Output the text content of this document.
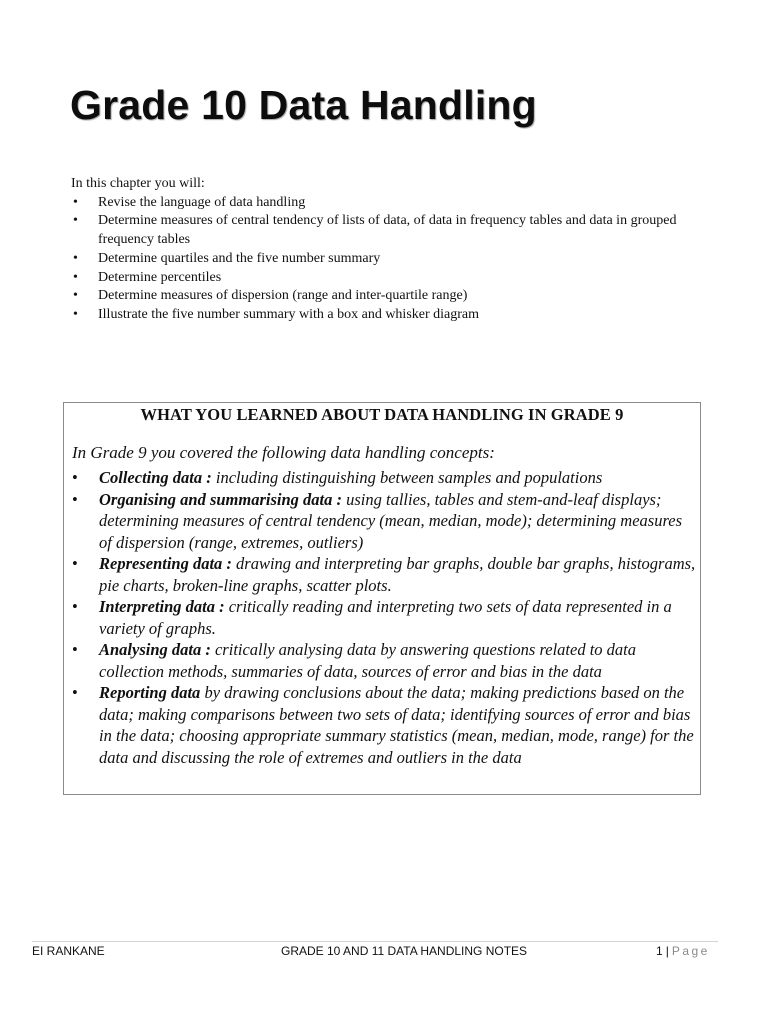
Grade 10 Data Handling
In this chapter you will:
• Revise the language of data handling
• Determine measures of central tendency of lists of data, of data in frequency tables and data in grouped frequency tables
• Determine quartiles and the five number summary
• Determine percentiles
• Determine measures of dispersion (range and inter-quartile range)
• Illustrate the five number summary with a box and whisker diagram
WHAT YOU LEARNED ABOUT DATA HANDLING IN GRADE 9
In Grade 9 you covered the following data handling concepts:
• Collecting data : including distinguishing between samples and populations
• Organising and summarising data : using tallies, tables and stem-and-leaf displays; determining measures of central tendency (mean, median, mode); determining measures of dispersion (range, extremes, outliers)
• Representing data : drawing and interpreting bar graphs, double bar graphs, histograms, pie charts, broken-line graphs, scatter plots.
• Interpreting data : critically reading and interpreting two sets of data represented in a variety of graphs.
• Analysing data : critically analysing data by answering questions related to data collection methods, summaries of data, sources of error and bias in the data
• Reporting data by drawing conclusions about the data; making predictions based on the data; making comparisons between two sets of data; identifying sources of error and bias in the data; choosing appropriate summary statistics (mean, median, mode, range) for the data and discussing the role of extremes and outliers in the data
EI RANKANE	GRADE 10 AND 11 DATA HANDLING NOTES	1 | Page
